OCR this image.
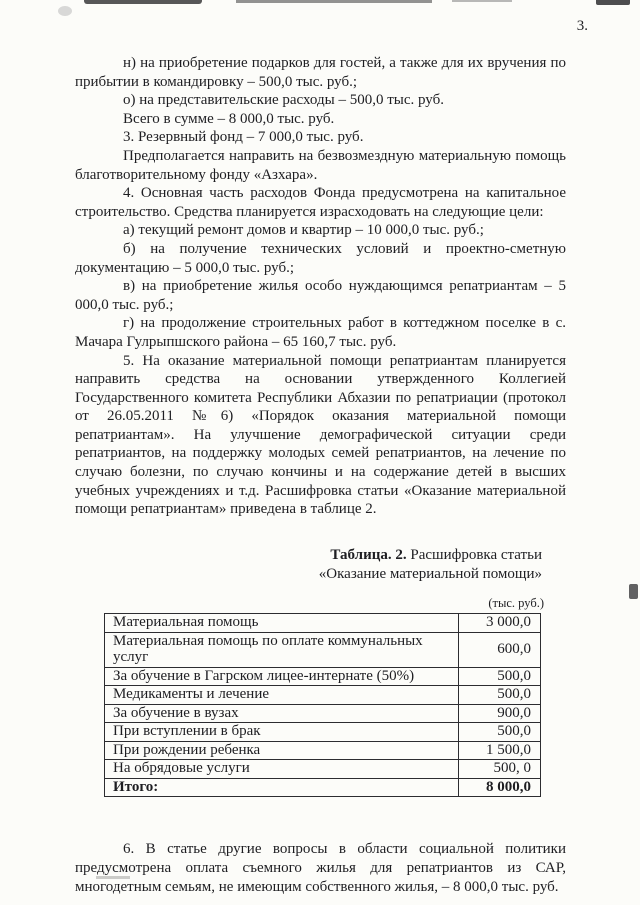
3.

н) на приобретение подарков для гостей, а также для их вручения по прибытии в командировку – 500,0 тыс. руб.;

о) на представительские расходы – 500,0 тыс. руб.

Всего в сумме – 8 000,0 тыс. руб.

3. Резервный фонд – 7 000,0 тыс. руб.

Предполагается направить на безвозмездную материальную помощь благотворительному фонду «Азхара».

4. Основная часть расходов Фонда предусмотрена на капитальное строительство. Средства планируется израсходовать на следующие цели:

а) текущий ремонт домов и квартир – 10 000,0 тыс. руб.;

б) на получение технических условий и проектно-сметную документацию – 5 000,0 тыс. руб.;

в) на приобретение жилья особо нуждающимся репатриантам – 5 000,0 тыс. руб.;

г) на продолжение строительных работ в коттеджном поселке в с. Мачара Гулрыпшского района – 65 160,7 тыс. руб.

5. На оказание материальной помощи репатриантам планируется направить средства на основании утвержденного Коллегией Государственного комитета Республики Абхазии по репатриации (протокол от 26.05.2011 №6) «Порядок оказания материальной помощи репатриантам». На улучшение демографической ситуации среди репатриантов, на поддержку молодых семей репатриантов, на лечение по случаю болезни, по случаю кончины и на содержание детей в высших учебных учреждениях и т.д. Расшифровка статьи «Оказание материальной помощи репатриантам» приведена в таблице 2.

Таблица. 2. Расшифровка статьи
«Оказание материальной помощи»
(тыс. руб.)
Материальная помощь	3 000,0
Материальная помощь по оплате коммунальных услуг	600,0
За обучение в Гагрском лицее-интернате (50%)	500,0
Медикаменты и лечение	500,0
За обучение в вузах	900,0
При вступлении в брак	500,0
При рождении ребенка	1 500,0
На обрядовые услуги	500, 0
Итого:	8 000,0

6. В статье другие вопросы в области социальной политики предусмотрена оплата съемного жилья для репатриантов из САР, многодетным семьям, не имеющим собственного жилья, – 8 000,0 тыс. руб.
